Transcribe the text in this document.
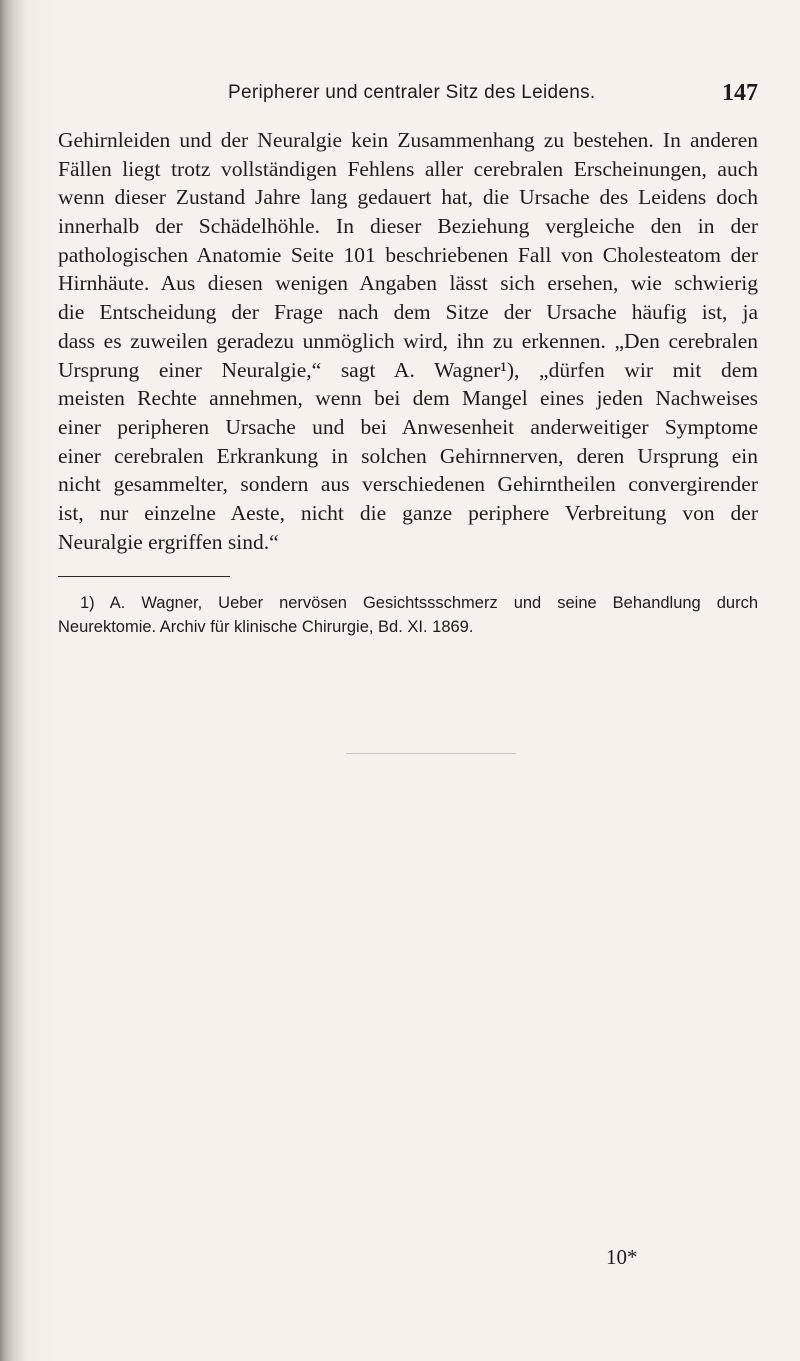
Peripherer und centraler Sitz des Leidens.	147
Gehirnleiden und der Neuralgie kein Zusammenhang zu bestehen. In anderen
Fällen liegt trotz vollständigen Fehlens aller cerebralen Erscheinungen, auch
wenn dieser Zustand Jahre lang gedauert hat, die Ursache des Leidens doch
innerhalb der Schädelhöhle. In dieser Beziehung vergleiche den in der
pathologischen Anatomie Seite 101 beschriebenen Fall von Cholesteatom der
Hirnhäute. Aus diesen wenigen Angaben lässt sich ersehen, wie schwierig
die Entscheidung der Frage nach dem Sitze der Ursache häufig ist, ja
dass es zuweilen geradezu unmöglich wird, ihn zu erkennen. „Den cerebralen
Ursprung einer Neuralgie,“ sagt A. Wagner¹), „dürfen wir mit dem
meisten Rechte annehmen, wenn bei dem Mangel eines jeden Nachweises
einer peripheren Ursache und bei Anwesenheit anderweitiger Symptome
einer cerebralen Erkrankung in solchen Gehirnnerven, deren Ursprung ein
nicht gesammelter, sondern aus verschiedenen Gehirntheilen convergirender
ist, nur einzelne Aeste, nicht die ganze periphere Verbreitung von der
Neuralgie ergriffen sind.“
1) A. Wagner, Ueber nervösen Gesichtssschmerz und seine Behandlung durch
Neurektomie. Archiv für klinische Chirurgie, Bd. XI. 1869.
10*
